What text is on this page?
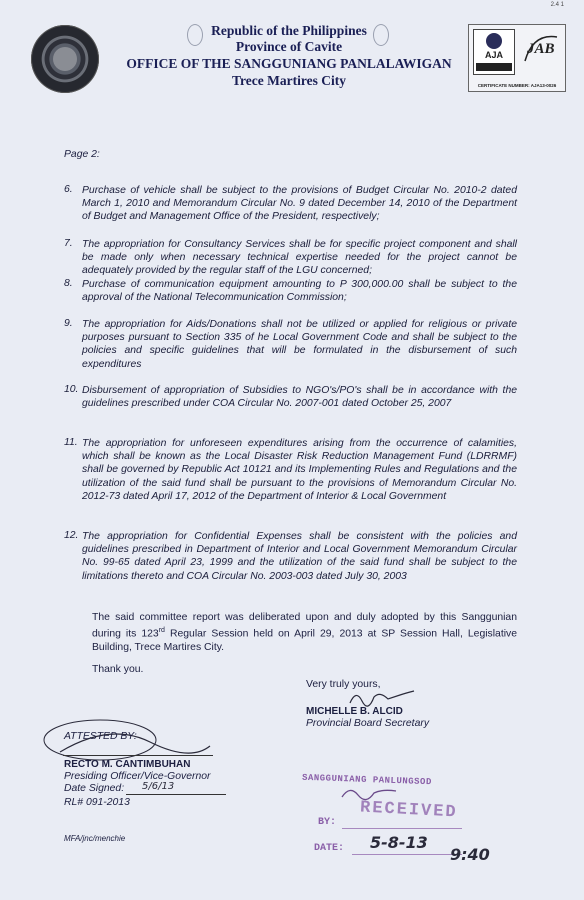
2.4 1
Republic of the Philippines
Province of Cavite
OFFICE OF THE SANGGUNIANG PANLALAWIGAN
Trece Martires City
AJA	JAB
CERTIFICATE NUMBER: AJA13-0026
Page 2:
6. Purchase of vehicle shall be subject to the provisions of Budget Circular No. 2010-2 dated March 1, 2010 and Memorandum Circular No. 9 dated December 14, 2010 of the Department of Budget and Management Office of the President, respectively;
7. The appropriation for Consultancy Services shall be for specific project component and shall be made only when necessary technical expertise needed for the project cannot be adequately provided by the regular staff of the LGU concerned;
8. Purchase of communication equipment amounting to P 300,000.00 shall be subject to the approval of the National Telecommunication Commission;
9. The appropriation for Aids/Donations shall not be utilized or applied for religious or private purposes pursuant to Section 335 of he Local Government Code and shall be subject to the policies and specific guidelines that will be formulated in the disbursement of such expenditures
10. Disbursement of appropriation of Subsidies to NGO's/PO's shall be in accordance with the guidelines prescribed under COA Circular No. 2007-001 dated October 25, 2007
11. The appropriation for unforeseen expenditures arising from the occurrence of calamities, which shall be known as the Local Disaster Risk Reduction Management Fund (LDRRMF) shall be governed by Republic Act 10121 and its Implementing Rules and Regulations and the utilization of the said fund shall be pursuant to the provisions of Memorandum Circular No. 2012-73 dated April 17, 2012 of the Department of Interior & Local Government
12. The appropriation for Confidential Expenses shall be consistent with the policies and guidelines prescribed in Department of Interior and Local Government Memorandum Circular No. 99-65 dated April 23, 1999 and the utilization of the said fund shall be subject to the limitations thereto and COA Circular No. 2003-003 dated July 30, 2003
The said committee report was deliberated upon and duly adopted by this Sanggunian during its 123rd Regular Session held on April 29, 2013 at SP Session Hall, Legislative Building, Trece Martires City.
Thank you.
Very truly yours,
MICHELLE B. ALCID
Provincial Board Secretary
ATTESTED BY:
RECTO M. CANTIMBUHAN
Presiding Officer/Vice-Governor
Date Signed: 5/6/13
RL# 091-2013
MFA/jnc/menchie
SANGGUNIANG PANLUNGSOD
RECEIVED
BY:
DATE: 5-8-13
9:40
